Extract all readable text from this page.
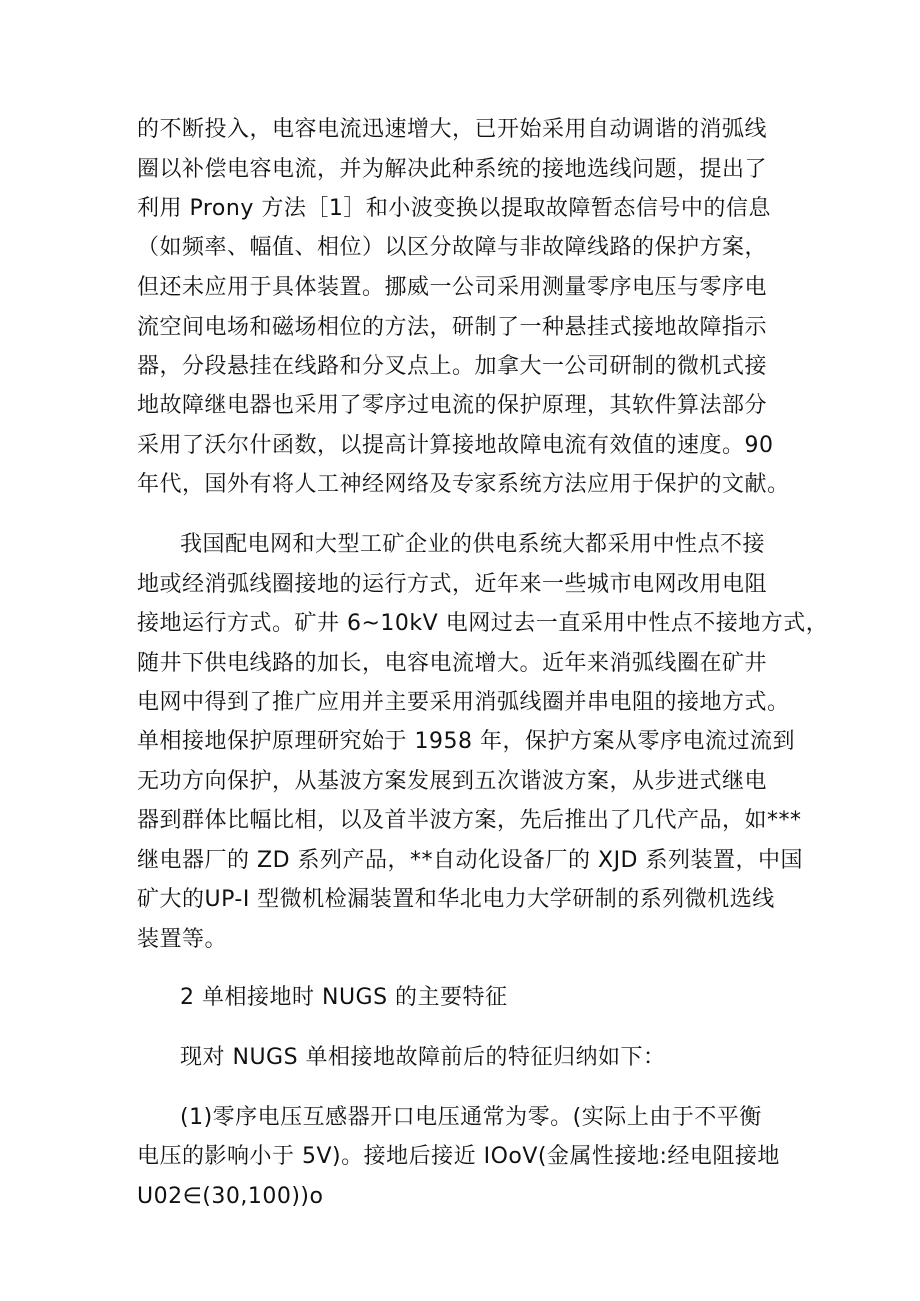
的不断投入，电容电流迅速增大，已开始采用自动调谐的消弧线
圈以补偿电容电流，并为解决此种系统的接地选线问题，提出了
利用 Prony 方法［1］和小波变换以提取故障暂态信号中的信息
（如频率、幅值、相位）以区分故障与非故障线路的保护方案，
但还未应用于具体装置。挪威一公司采用测量零序电压与零序电
流空间电场和磁场相位的方法，研制了一种悬挂式接地故障指示
器，分段悬挂在线路和分叉点上。加拿大一公司研制的微机式接
地故障继电器也采用了零序过电流的保护原理，其软件算法部分
采用了沃尔什函数，以提高计算接地故障电流有效值的速度。90
年代，国外有将人工神经网络及专家系统方法应用于保护的文献。
我国配电网和大型工矿企业的供电系统大都采用中性点不接
地或经消弧线圈接地的运行方式，近年来一些城市电网改用电阻
接地运行方式。矿井 6~10kV 电网过去一直采用中性点不接地方式，
随井下供电线路的加长，电容电流增大。近年来消弧线圈在矿井
电网中得到了推广应用并主要采用消弧线圈并串电阻的接地方式。
单相接地保护原理研究始于 1958 年，保护方案从零序电流过流到
无功方向保护，从基波方案发展到五次谐波方案，从步进式继电
器到群体比幅比相，以及首半波方案，先后推出了几代产品，如***
继电器厂的 ZD 系列产品，**自动化设备厂的 XJD 系列装置，中国
矿大的UP-I 型微机检漏装置和华北电力大学研制的系列微机选线
装置等。
2 单相接地时 NUGS 的主要特征
现对 NUGS 单相接地故障前后的特征归纳如下：
(1)零序电压互感器开口电压通常为零。(实际上由于不平衡
电压的影响小于 5V)。接地后接近 IOoV(金属性接地:经电阻接地
U02∈(30,100))o
